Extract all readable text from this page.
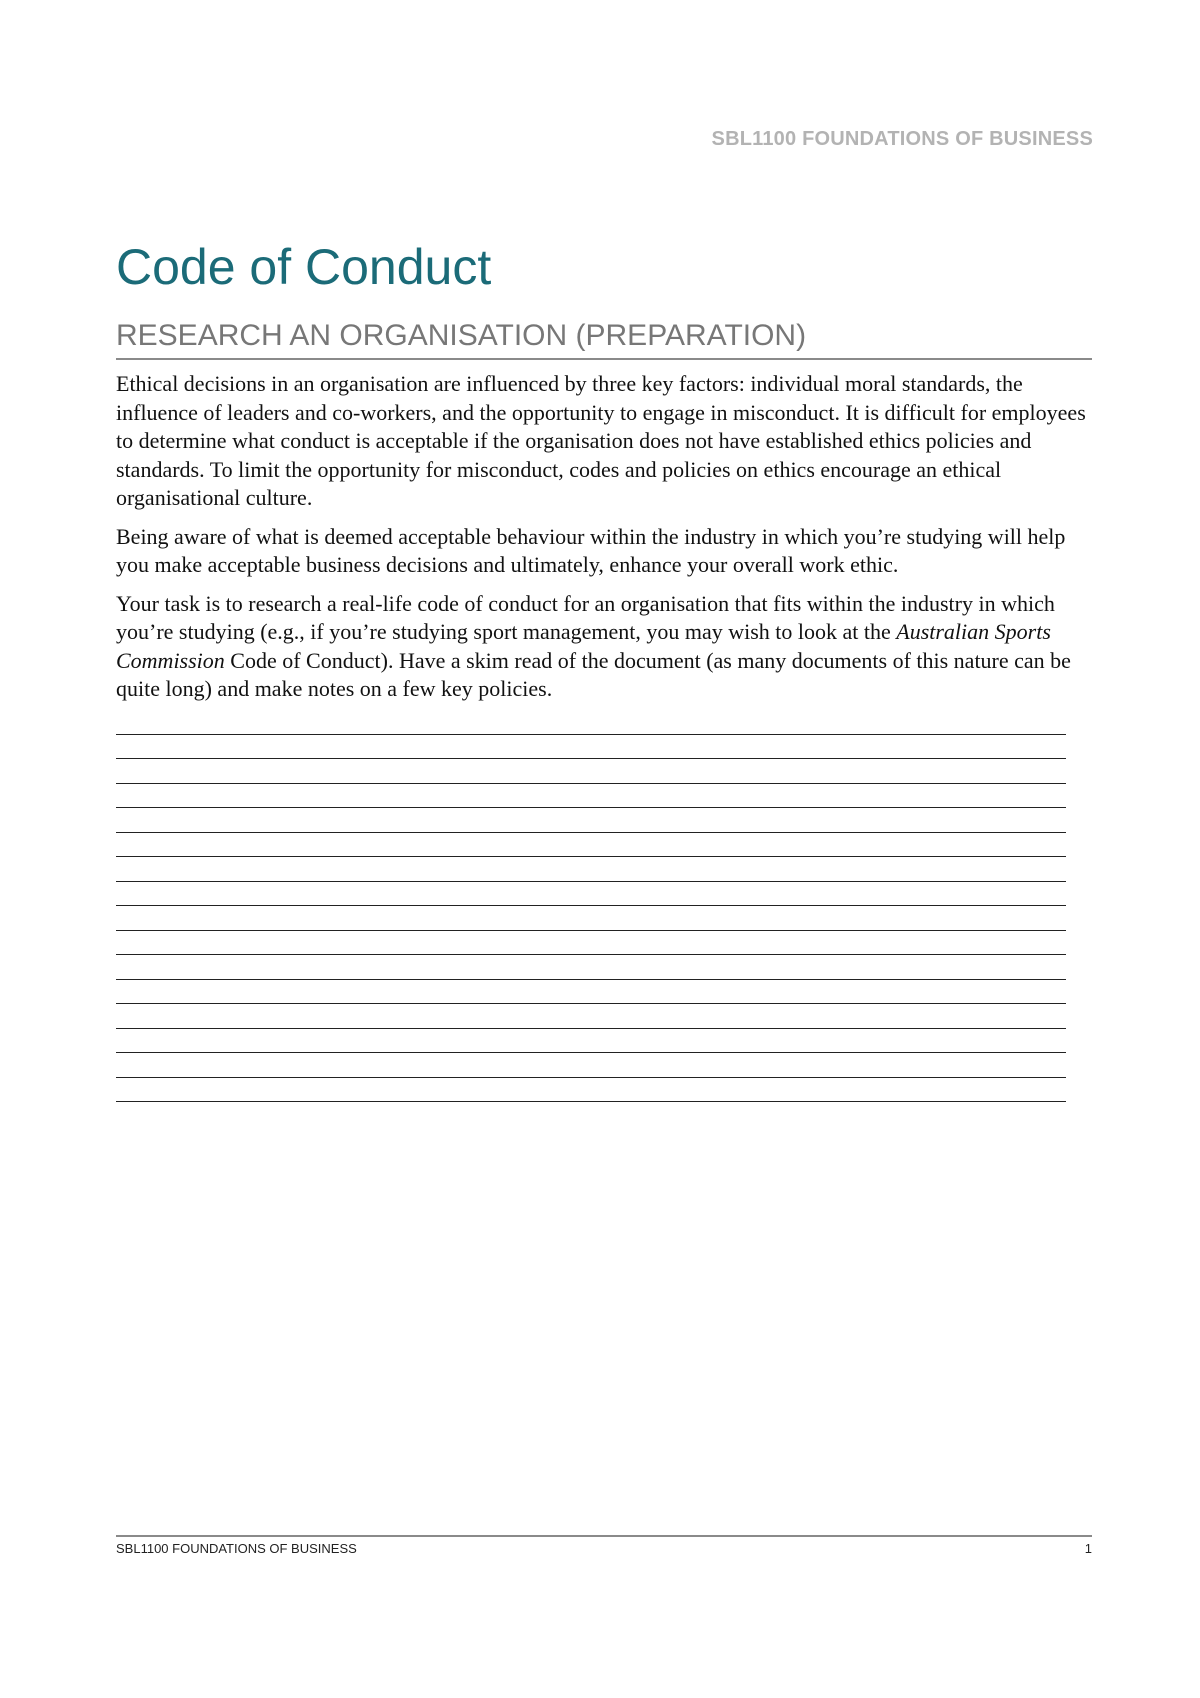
SBL1100 FOUNDATIONS OF BUSINESS
Code of Conduct
RESEARCH AN ORGANISATION (PREPARATION)

Ethical decisions in an organisation are influenced by three key factors: individual moral standards, the influence of leaders and co-workers, and the opportunity to engage in misconduct. It is difficult for employees to determine what conduct is acceptable if the organisation does not have established ethics policies and standards. To limit the opportunity for misconduct, codes and policies on ethics encourage an ethical organisational culture.

Being aware of what is deemed acceptable behaviour within the industry in which you’re studying will help you make acceptable business decisions and ultimately, enhance your overall work ethic.

Your task is to research a real-life code of conduct for an organisation that fits within the industry in which you’re studying (e.g., if you’re studying sport management, you may wish to look at the Australian Sports Commission Code of Conduct). Have a skim read of the document (as many documents of this nature can be quite long) and make notes on a few key policies.

SBL1100 FOUNDATIONS OF BUSINESS	1
